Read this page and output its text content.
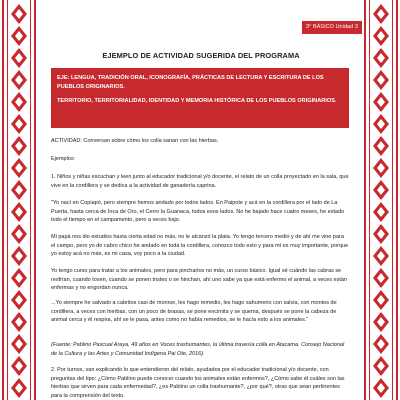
3° BÁSICO Unidad 3
EJEMPLO DE ACTIVIDAD SUGERIDA DEL PROGRAMA

EJE: LENGUA, TRADICIÓN ORAL, ICONOGRAFÍA, PRÁCTICAS DE LECTURA Y ESCRITURA DE LOS PUEBLOS ORIGINARIOS.

TERRITORIO, TERRITORIALIDAD, IDENTIDAD Y MEMORIA HISTÓRICA DE LOS PUEBLOS ORIGINARIOS.

ACTIVIDAD: Conversan sobre cómo los colla sanan con las hierbas.

Ejemplos:

1. Niños y niñas escuchan y leen junto al educador tradicional y/o docente, el relato de un colla proyectado en la sala, que vive en la cordillera y se dedica a la actividad de ganadería caprina.

"Yo nací en Copiapó, pero siempre hemos andado por todos lados. En Paipote y acá en la cordillera por el lado de La Puerta, hasta cerca de Inca de Oro, el Cerro la Guanaca, todos esos lados. No he bajado hace cuatro meses, he estado todo el tiempo en el campamento, pero a veces bajo.

Mi papá nos dio estudios hasta cierta edad no más, no le alcanzó la plata. Yo tengo tercero medio y de ahí me vine para el campo, pero yo de cabro chico he andado en toda la cordillera, conozco todo esto y para mí es muy importante, porque yo estoy acá no más, es mi casa, voy poco a la ciudad.

Yo tengo curso para tratar a los animales, pero para pincharlos no más, un curso básico. Igual sé cuándo las cabras se resfrían, cuando tosen, cuando se ponen tristes o se hinchan, ahí uno sabe ya que está enfermo el animal, a veces están enfermas y no engordan nunca.

...Yo siempre he salvado a cabritos casi de morirse, les hago remedio, les hago sahumerio con salvia, con montes de cordillera, a veces con hierbas, con un poco de brasas, se pone encimita y se quema, después se pone la cabeza de animal cerca y él respira, ahí se le pasa, antes como no había remedios, se le hacía esto a los animales."

(Fuente: Pablino Pascual Araya, 49 años en Voces trashumantes, la última travesía colla en Atacama. Consejo Nacional de la Cultura y las Artes y Comunidad Indígena Pai Ote, 2016).

2. Por turnos, van explicando lo que entendieron del relato, ayudados por el educador tradicional y/o docente, con preguntas del tipo: ¿Cómo Pablino puede conocer cuando los animales están enfermos?, ¿Cómo sabe él cuáles son las hierbas que sirven para cada enfermedad?, ¿es Pablino un colla trashumante?, ¿por qué?, otras que sean pertinentes para la comprensión del texto.
